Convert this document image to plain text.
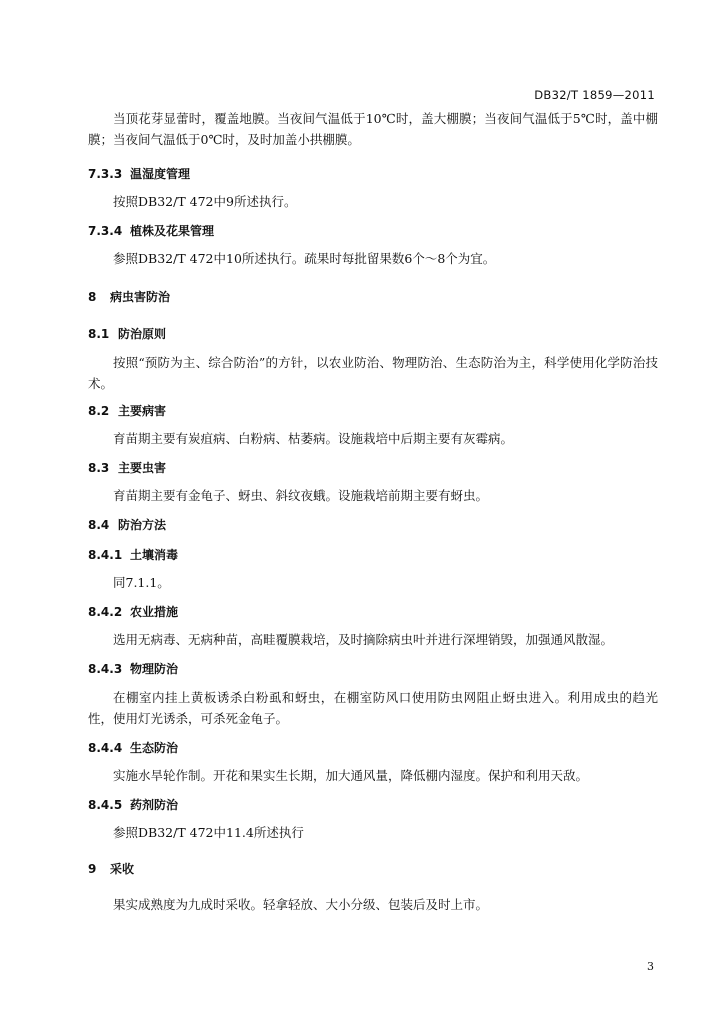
DB32/T 1859—2011

当顶花芽显蕾时，覆盖地膜。当夜间气温低于10℃时，盖大棚膜；当夜间气温低于5℃时，盖中棚膜；当夜间气温低于0℃时，及时加盖小拱棚膜。

7.3.3 温湿度管理

按照DB32/T 472中9所述执行。

7.3.4 植株及花果管理

参照DB32/T 472中10所述执行。疏果时每批留果数6个～8个为宜。

8 病虫害防治
8.1 防治原则

按照“预防为主、综合防治”的方针，以农业防治、物理防治、生态防治为主，科学使用化学防治技术。

8.2 主要病害

育苗期主要有炭疽病、白粉病、枯萎病。设施栽培中后期主要有灰霉病。

8.3 主要虫害

育苗期主要有金龟子、蚜虫、斜纹夜蛾。设施栽培前期主要有蚜虫。

8.4 防治方法
8.4.1 土壤消毒

同7.1.1。

8.4.2 农业措施

选用无病毒、无病种苗，高畦覆膜栽培，及时摘除病虫叶并进行深埋销毁，加强通风散湿。

8.4.3 物理防治

在棚室内挂上黄板诱杀白粉虱和蚜虫，在棚室防风口使用防虫网阻止蚜虫进入。利用成虫的趋光性，使用灯光诱杀，可杀死金龟子。

8.4.4 生态防治

实施水旱轮作制。开花和果实生长期，加大通风量，降低棚内湿度。保护和利用天敌。

8.4.5 药剂防治

参照DB32/T 472中11.4所述执行

9 采收

果实成熟度为九成时采收。轻拿轻放、大小分级、包装后及时上市。

3
